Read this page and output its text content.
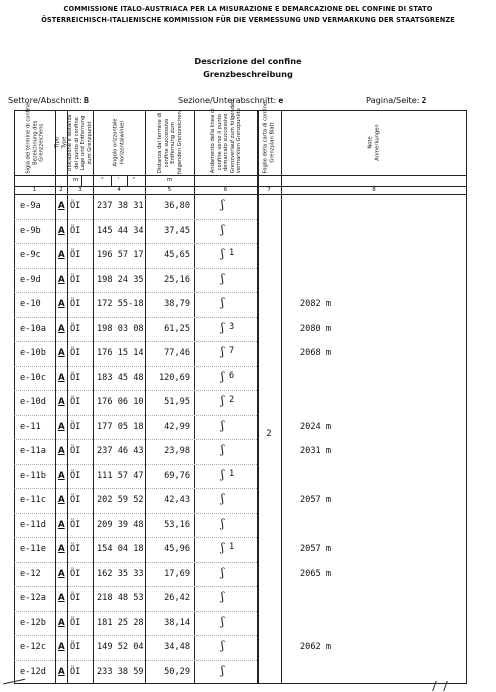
COMMISSIONE ITALO-AUSTRIACA PER LA MISURAZIONE E DEMARCAZIONE DEL CONFINE DI STATO
ÖSTERREICHISCH-ITALIENISCHE KOMMISSION FÜR DIE VERMESSUNG UND VERMARKUNG DER STAATSGRENZE
Descrizione del confine
Grenzbeschreibung
Settore/Abschnitt: B	Sezione/Unterabschnitt: e	Pagina/Seite: 2
Sigla del termine di confine Bezeichnung des Grenzzeichens Tipo Type Ubicazione e distanza del punto di confine Lage und Entfernung zum Grenzpunkt	Angolo orizzontale Horizontalwinkel	Distanza dal termine di confine successivo Entfernung zum folgenden Grenzzeichen	Andamento della linea di confine verso il punto demarcato successivo Grenzverlauf zum folgenden vermarkten Grenzpunkte	Foglio della carta di confine Grenzplan Blatt	Note Anmerkungen
m	°	' "	m
1	2	3	4	5	6	7	8
e-9a A ÖI 237 38 31	36,80	ʃ
e-9b A ÖI 145 44 34	37,45	ʃ
e-9c A ÖI 196 57 17	45,65	ʃ 1
e-9d A ÖI 198 24 35	25,16	ʃ
e-10 A ÖI 172 55-18	38,79	ʃ	2082 m
e-10a A ÖI 198 03 08	61,25	ʃ 3	2080 m
e-10b A ÖI 176 15 14	77,46	ʃ 7	2068 m
e-10c A ÖI 183 45 48	120,69	ʃ 6
e-10d A ÖI 176 06 10	51,95	ʃ 2
e-11 A ÖI 177 05 18	42,99	ʃ	2024 m
e-11a A ÖI 237 46 43	23,98	ʃ	2031 m
e-11b A ÖI 111 57 47	69,76	ʃ 1
e-11c A ÖI 202 59 52	42,43	ʃ	2057 m
e-11d A ÖI 209 39 48	53,16	ʃ
e-11e A ÖI 154 04 18	45,96	ʃ 1	2057 m
e-12 A ÖI 162 35 33	17,69	ʃ	2065 m
e-12a A ÖI 218 48 53	26,42	ʃ
e-12b A ÖI 181 25 28	38,14	ʃ
e-12c A ÖI 149 52 04	34,48	ʃ	2062 m
e-12d A ÖI 233 38 59	50,29	ʃ
2
